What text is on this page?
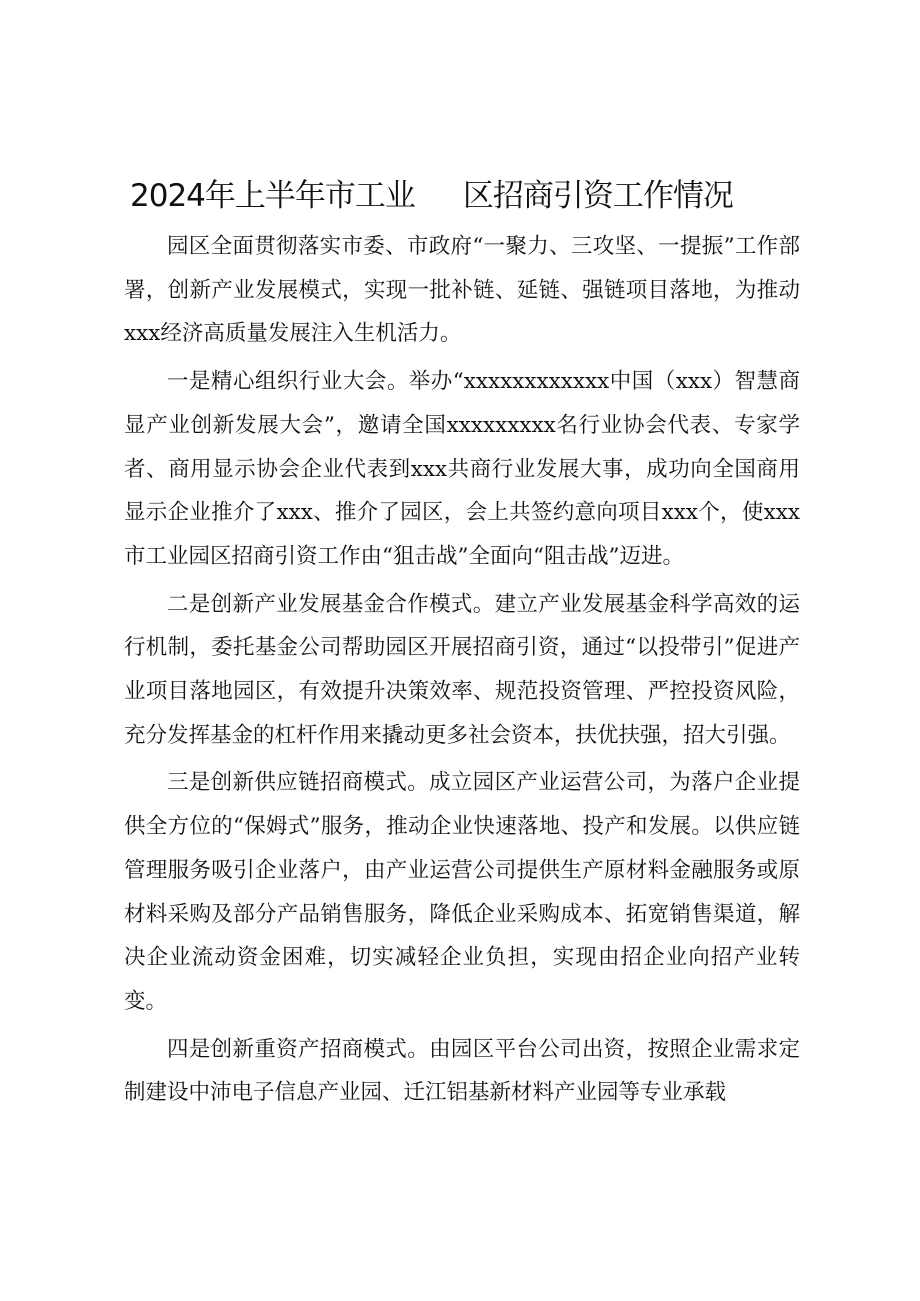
2024年上半年市工业 区招商引资工作情况

园区全面贯彻落实市委、市政府“一聚力、三攻坚、一提振”工作部署，创新产业发展模式，实现一批补链、延链、强链项目落地，为推动xxx经济高质量发展注入生机活力。

一是精心组织行业大会。举办“xxxxxxxxxxxx中国（xxx）智慧商显产业创新发展大会”，邀请全国xxxxxxxxx名行业协会代表、专家学者、商用显示协会企业代表到xxx共商行业发展大事，成功向全国商用显示企业推介了xxx、推介了园区，会上共签约意向项目xxx个，使xxx市工业园区招商引资工作由“狙击战”全面向“阻击战”迈进。

二是创新产业发展基金合作模式。建立产业发展基金科学高效的运行机制，委托基金公司帮助园区开展招商引资，通过“以投带引”促进产业项目落地园区，有效提升决策效率、规范投资管理、严控投资风险，充分发挥基金的杠杆作用来撬动更多社会资本，扶优扶强，招大引强。

三是创新供应链招商模式。成立园区产业运营公司，为落户企业提供全方位的“保姆式”服务，推动企业快速落地、投产和发展。以供应链管理服务吸引企业落户，由产业运营公司提供生产原材料金融服务或原材料采购及部分产品销售服务，降低企业采购成本、拓宽销售渠道，解决企业流动资金困难，切实减轻企业负担，实现由招企业向招产业转变。

四是创新重资产招商模式。由园区平台公司出资，按照企业需求定制建设中沛电子信息产业园、迁江铝基新材料产业园等专业承载
